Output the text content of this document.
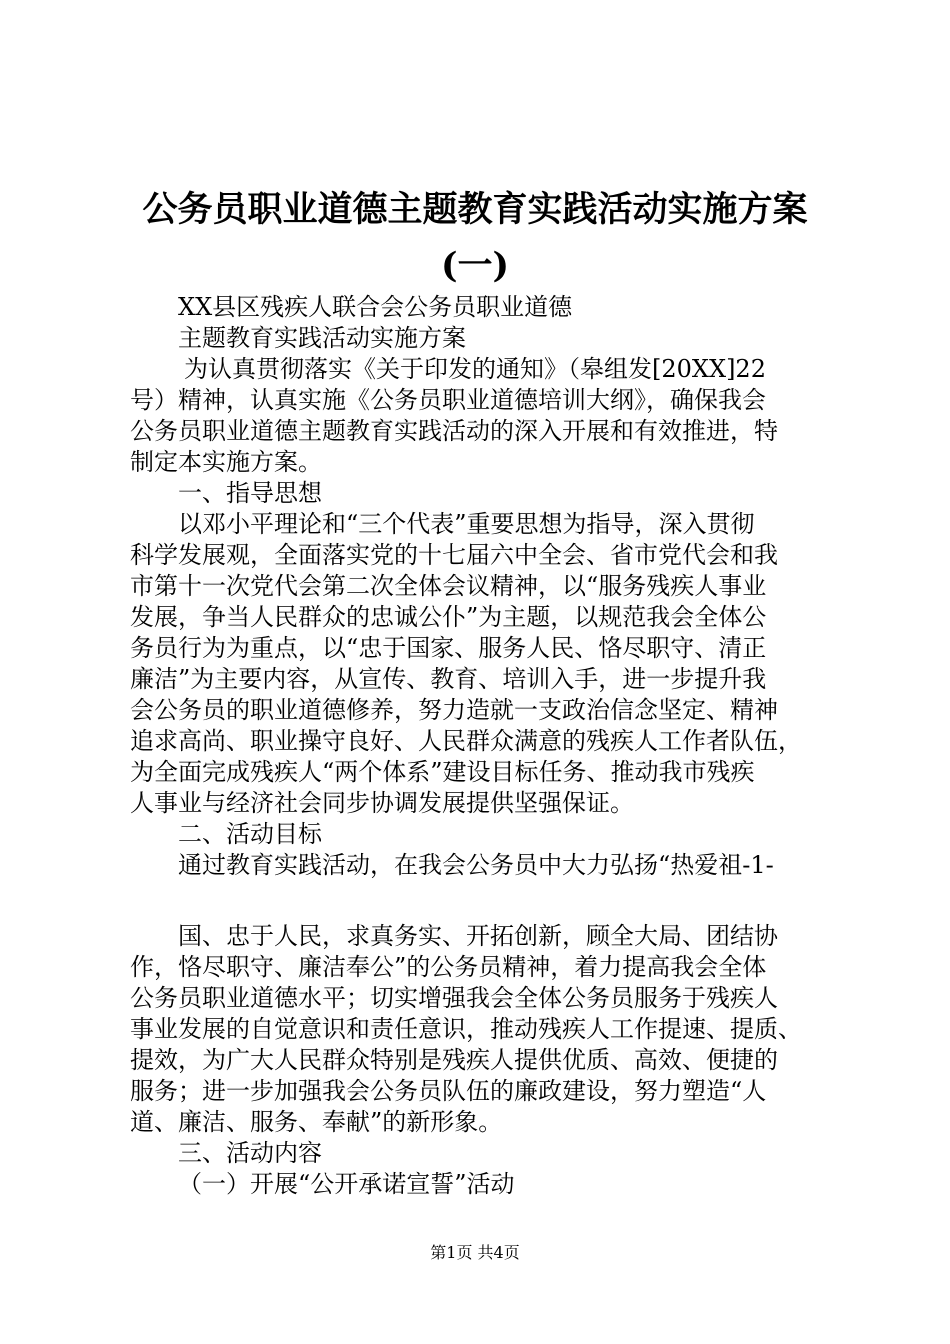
公务员职业道德主题教育实践活动实施方案
(一)
XX县区残疾人联合会公务员职业道德
主题教育实践活动实施方案
为认真贯彻落实《关于印发的通知》（皋组发[20XX]22
号）精神，认真实施《公务员职业道德培训大纲》，确保我会
公务员职业道德主题教育实践活动的深入开展和有效推进，特
制定本实施方案。
一、指导思想
以邓小平理论和“三个代表”重要思想为指导，深入贯彻
科学发展观，全面落实党的十七届六中全会、省市党代会和我
市第十一次党代会第二次全体会议精神，以“服务残疾人事业
发展，争当人民群众的忠诚公仆”为主题，以规范我会全体公
务员行为为重点，以“忠于国家、服务人民、恪尽职守、清正
廉洁”为主要内容，从宣传、教育、培训入手，进一步提升我
会公务员的职业道德修养，努力造就一支政治信念坚定、精神
追求高尚、职业操守良好、人民群众满意的残疾人工作者队伍，
为全面完成残疾人“两个体系”建设目标任务、推动我市残疾
人事业与经济社会同步协调发展提供坚强保证。
二、活动目标
通过教育实践活动，在我会公务员中大力弘扬“热爱祖-1-
国、忠于人民，求真务实、开拓创新，顾全大局、团结协
作，恪尽职守、廉洁奉公”的公务员精神，着力提高我会全体
公务员职业道德水平；切实增强我会全体公务员服务于残疾人
事业发展的自觉意识和责任意识，推动残疾人工作提速、提质、
提效，为广大人民群众特别是残疾人提供优质、高效、便捷的
服务；进一步加强我会公务员队伍的廉政建设，努力塑造“人
道、廉洁、服务、奉献”的新形象。
三、活动内容
（一）开展“公开承诺宣誓”活动
第1页 共4页
